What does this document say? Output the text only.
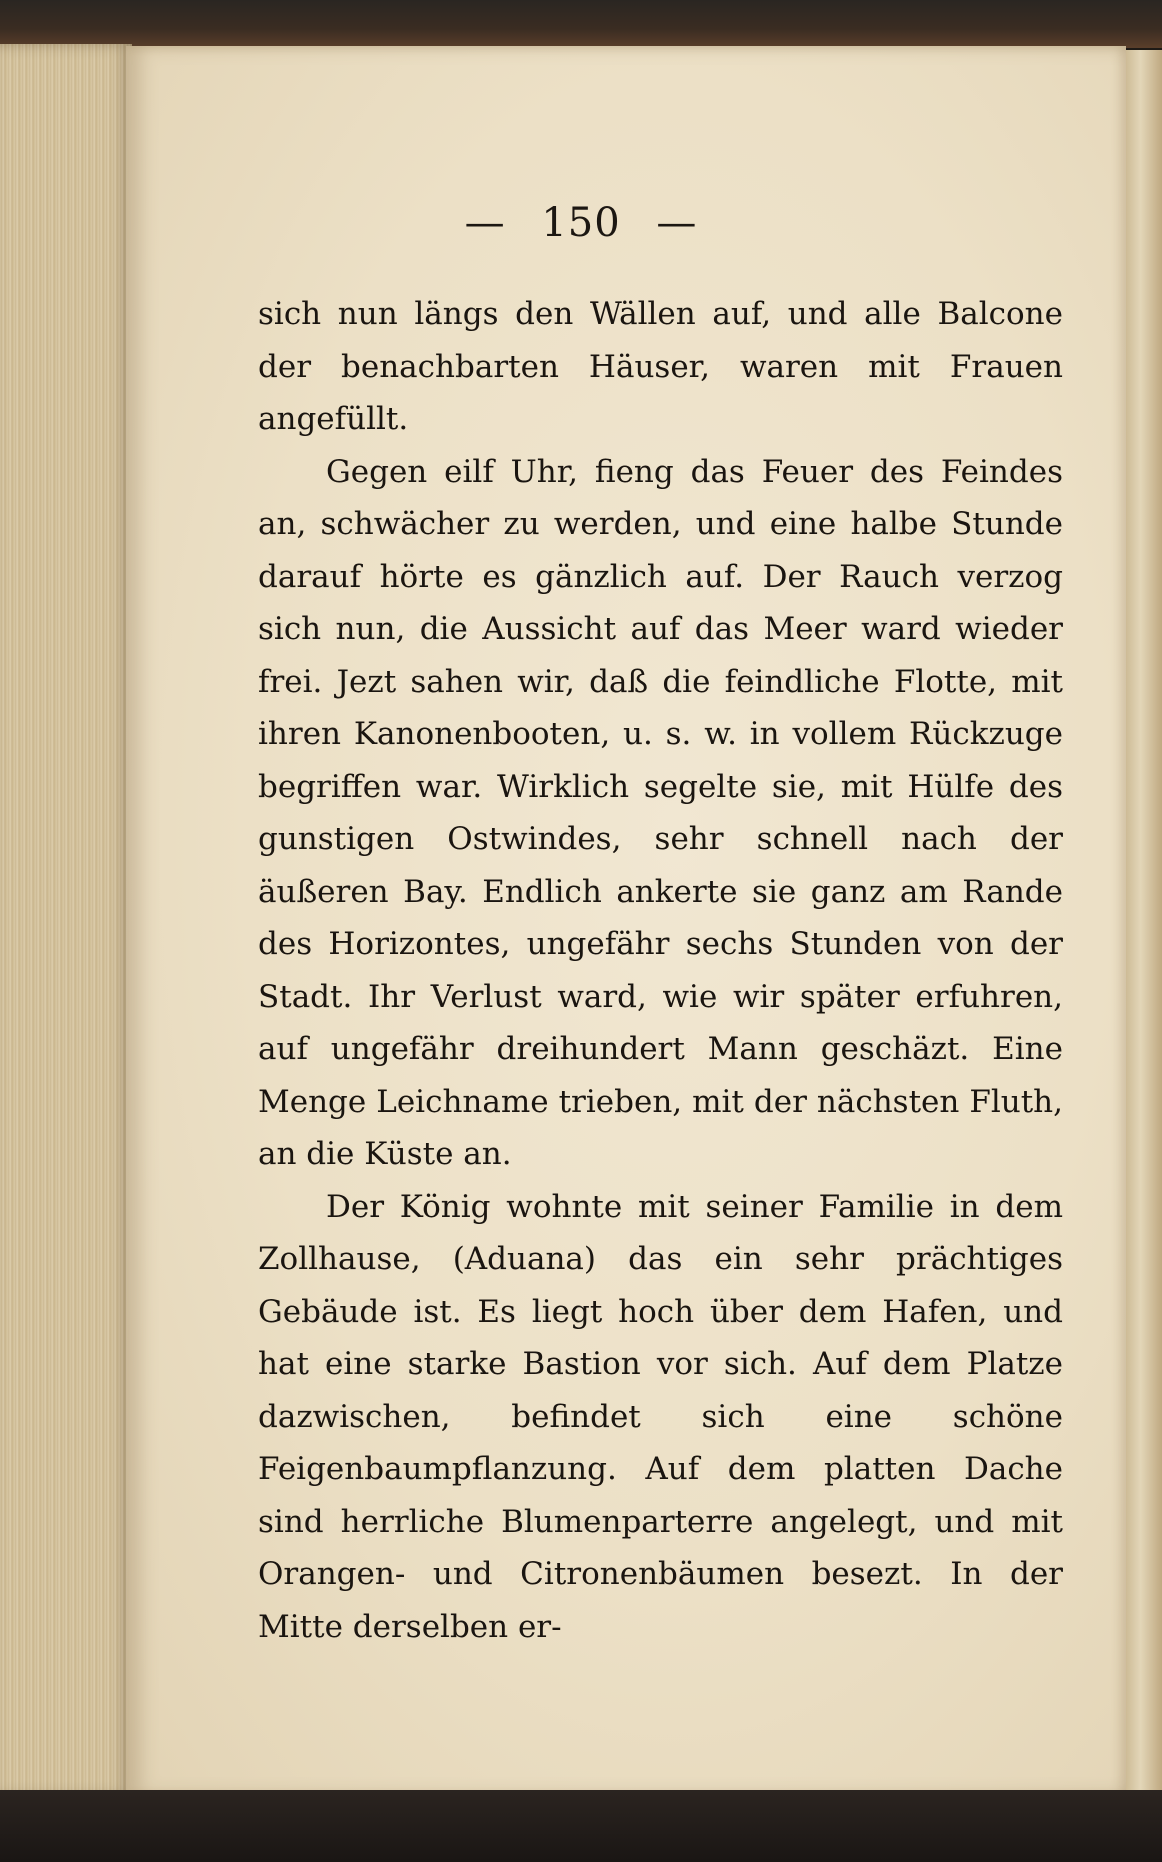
— 150 —

sich nun längs den Wällen auf, und alle Balcone der benachbarten Häuser, waren mit Frauen angefüllt.

Gegen eilf Uhr, fieng das Feuer des Feindes an, schwächer zu werden, und eine halbe Stunde darauf hörte es gänzlich auf. Der Rauch verzog sich nun, die Aussicht auf das Meer ward wieder frei. Jezt sahen wir, daß die feindliche Flotte, mit ihren Kanonenbooten, u. s. w. in vollem Rückzuge begriffen war. Wirklich segelte sie, mit Hülfe des gunstigen Ostwindes, sehr schnell nach der äußeren Bay. Endlich ankerte sie ganz am Rande des Horizontes, ungefähr sechs Stunden von der Stadt. Ihr Verlust ward, wie wir später erfuhren, auf ungefähr dreihundert Mann geschäzt. Eine Menge Leichname trieben, mit der nächsten Fluth, an die Küste an.

Der König wohnte mit seiner Familie in dem Zollhause, (Aduana) das ein sehr prächtiges Gebäude ist. Es liegt hoch über dem Hafen, und hat eine starke Bastion vor sich. Auf dem Platze dazwischen, befindet sich eine schöne Feigenbaumpflanzung. Auf dem platten Dache sind herrliche Blumenparterre angelegt, und mit Orangen- und Citronenbäumen besezt. In der Mitte derselben er-
